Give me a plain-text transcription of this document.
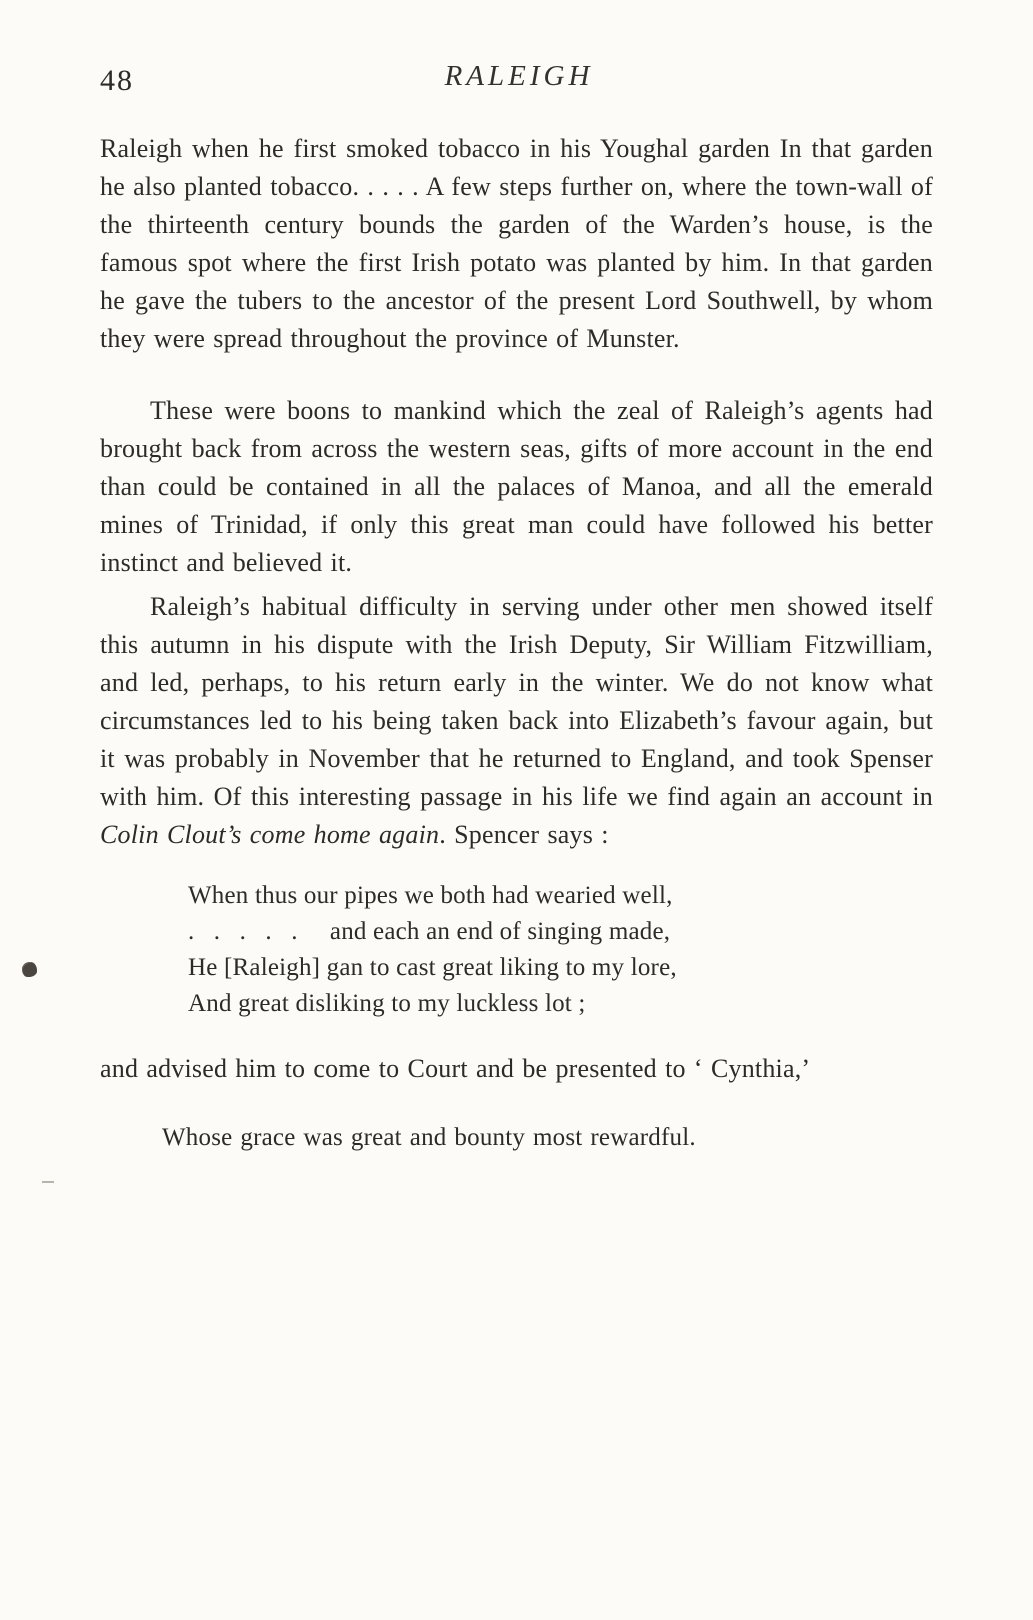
48	RALEIGH

Raleigh when he first smoked tobacco in his Youghal garden In that garden he also planted tobacco. . . . . A few steps further on, where the town-wall of the thirteenth century bounds the garden of the Warden’s house, is the famous spot where the first Irish potato was planted by him. In that garden he gave the tubers to the ancestor of the present Lord Southwell, by whom they were spread throughout the province of Munster.

These were boons to mankind which the zeal of Raleigh’s agents had brought back from across the western seas, gifts of more account in the end than could be contained in all the palaces of Manoa, and all the emerald mines of Trinidad, if only this great man could have followed his better instinct and believed it.

Raleigh’s habitual difficulty in serving under other men showed itself this autumn in his dispute with the Irish Deputy, Sir William Fitzwilliam, and led, perhaps, to his return early in the winter. We do not know what circumstances led to his being taken back into Elizabeth’s favour again, but it was probably in November that he returned to England, and took Spenser with him. Of this interesting passage in his life we find again an account in Colin Clout’s come home again. Spencer says :

When thus our pipes we both had wearied well,
.   .   .   .   .     and each an end of singing made,
He [Raleigh] gan to cast great liking to my lore,
And great disliking to my luckless lot ;

and advised him to come to Court and be presented to ‘ Cynthia,’

Whose grace was great and bounty most rewardful.
